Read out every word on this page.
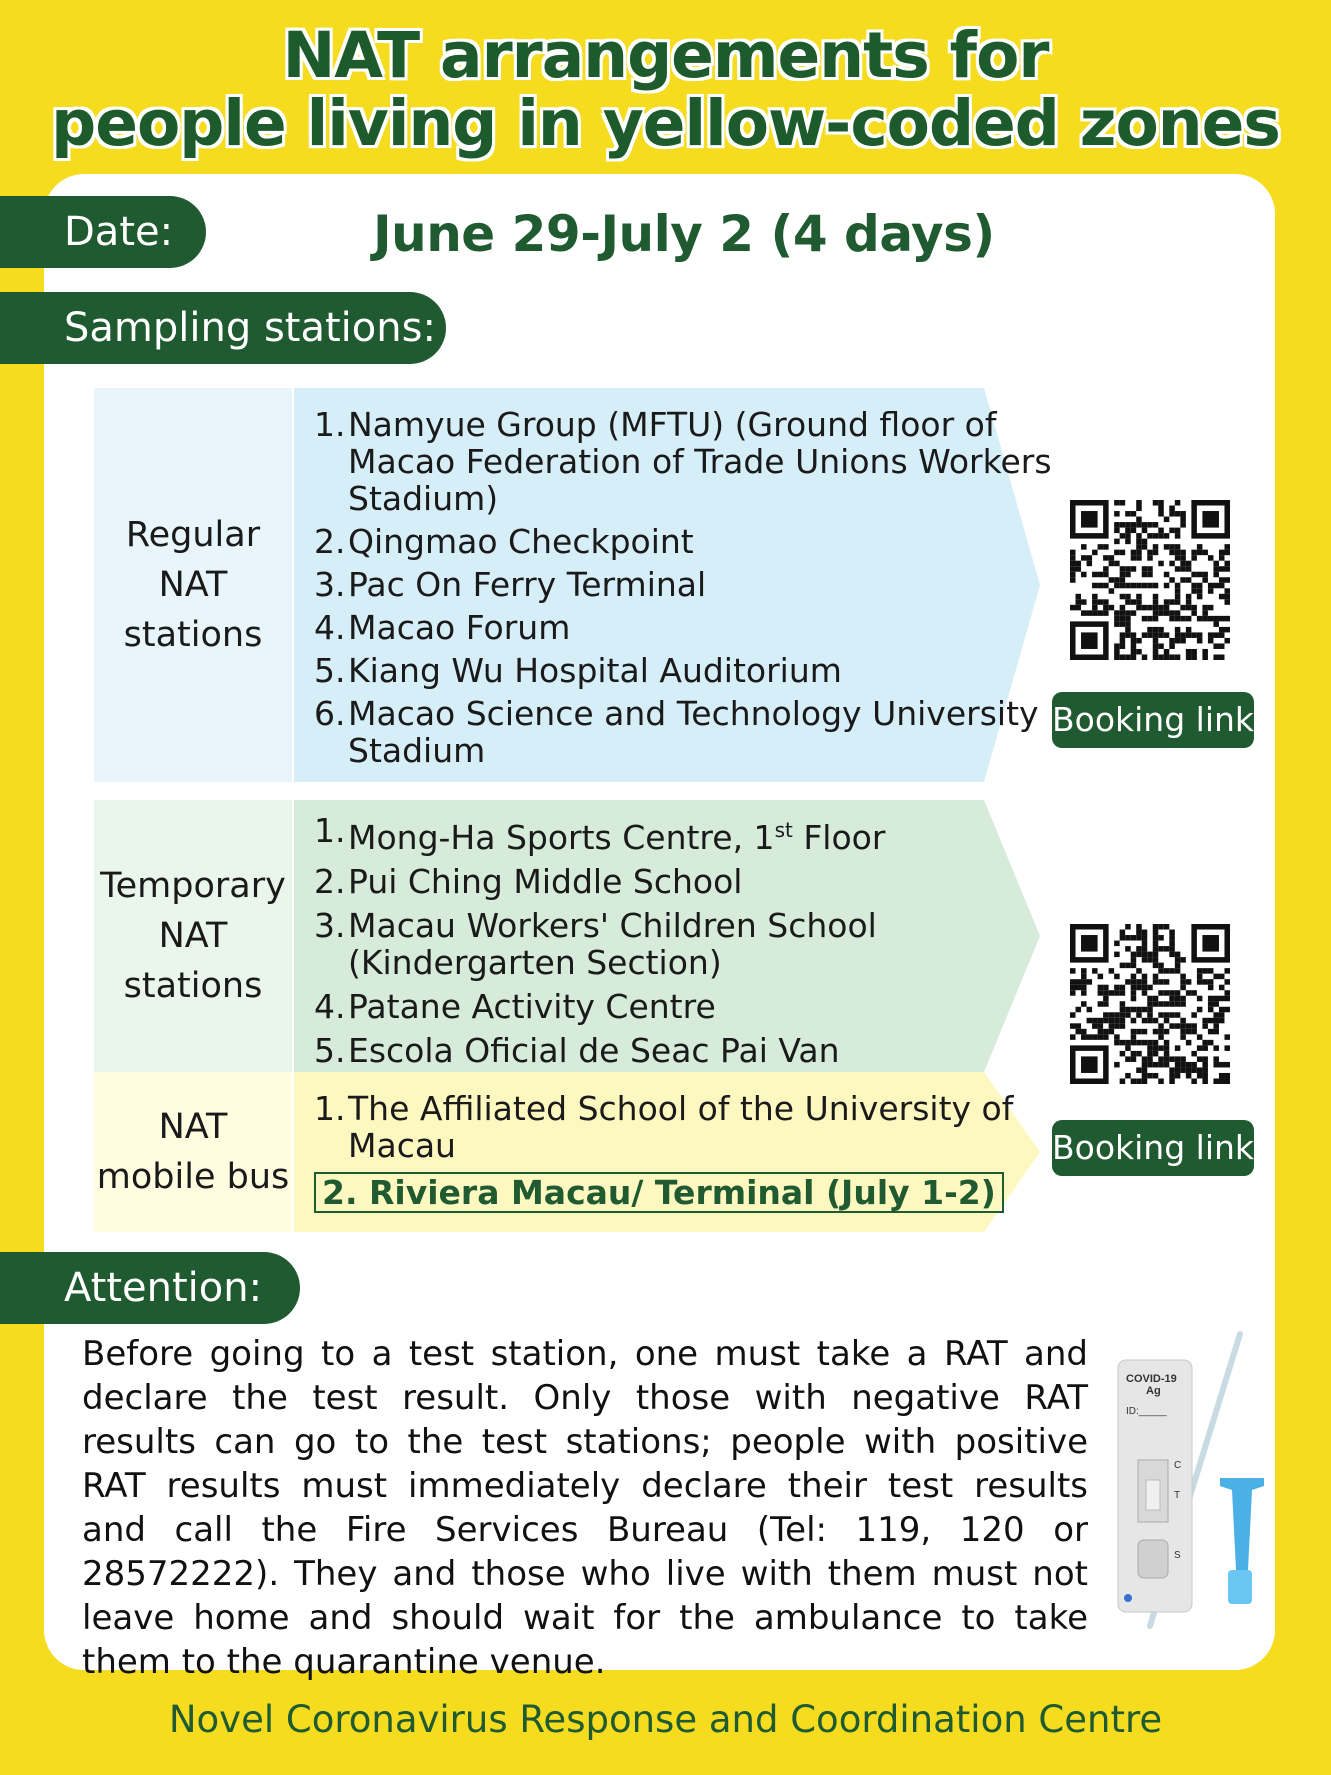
NAT arrangements for
people living in yellow-coded zones
Date:	June 29-July 2 (4 days)
Sampling stations:
Regular
NAT
stations
1. Namyue Group (MFTU) (Ground floor of
Macao Federation of Trade Unions Workers
Stadium)
2. Qingmao Checkpoint
3. Pac On Ferry Terminal
4. Macao Forum
5. Kiang Wu Hospital Auditorium
6. Macao Science and Technology University
Stadium
Temporary
NAT
stations
1. Mong-Ha Sports Centre, 1st Floor
2. Pui Ching Middle School
3. Macau Workers' Children School
(Kindergarten Section)
4. Patane Activity Centre
5. Escola Oficial de Seac Pai Van
NAT
mobile bus
1. The Affiliated School of the University of
Macau
2. Riviera Macau/ Terminal (July 1-2)
Booking link
Booking link
Attention:
Before going to a test station, one must take a RAT and declare the test result. Only those with negative RAT results can go to the test stations; people with positive RAT results must immediately declare their test results and call the Fire Services Bureau (Tel: 119, 120 or 28572222). They and those who live with them must not leave home and should wait for the ambulance to take them to the quarantine venue.
COVID-19
Ag
ID:_____
C
T
S
Novel Coronavirus Response and Coordination Centre
